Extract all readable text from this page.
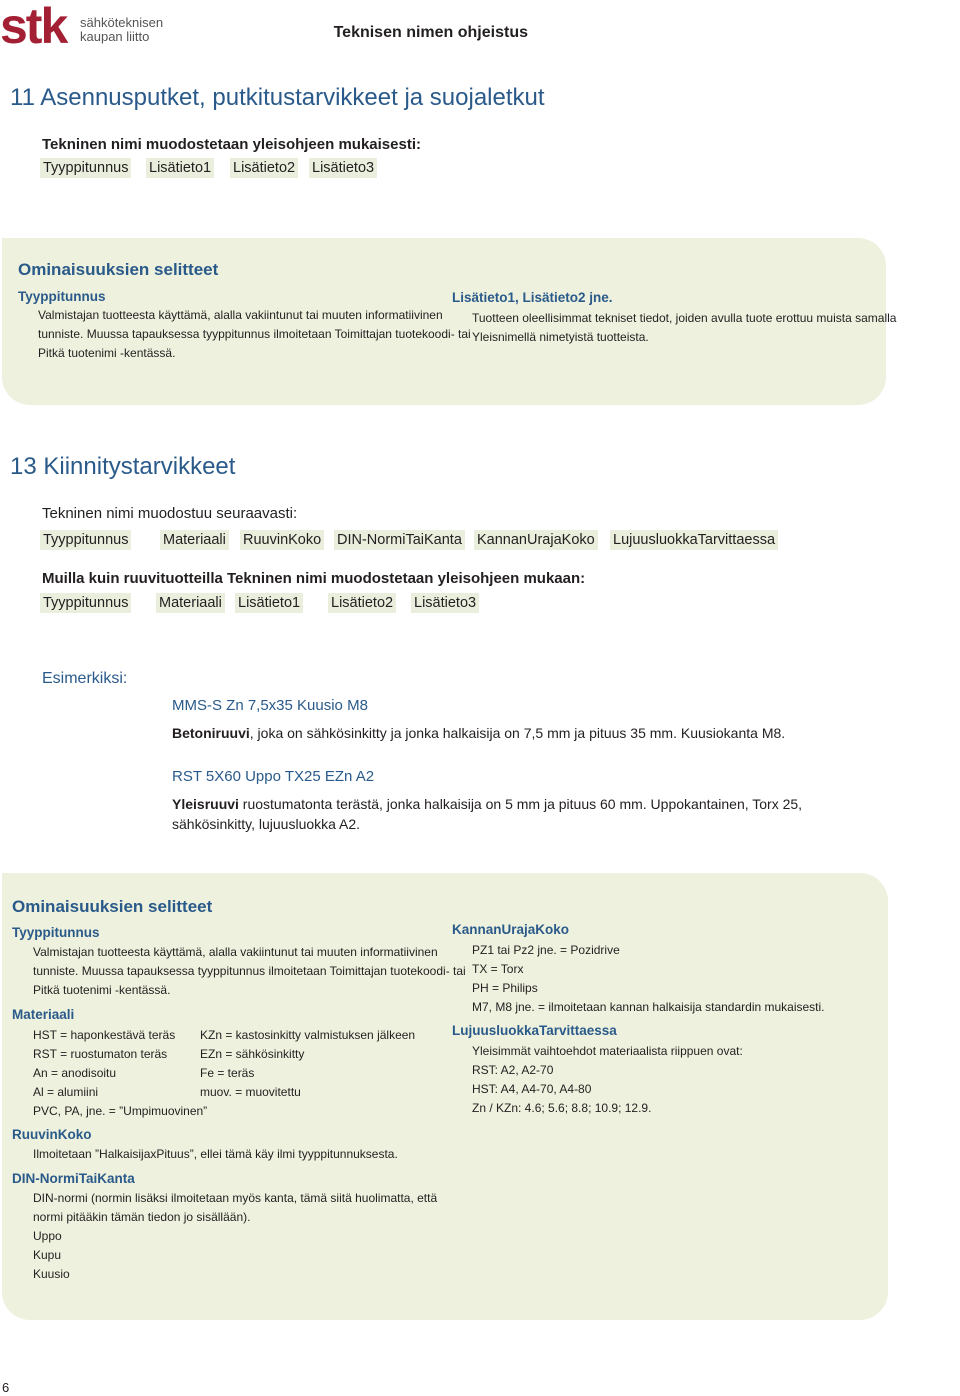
stk sähköteknisen
kaupan liitto	Teknisen nimen ohjeistus
11 Asennusputket, putkitustarvikkeet ja suojaletkut
Tekninen nimi muodostetaan yleisohjeen mukaisesti:
Tyyppitunnus Lisätieto1 Lisätieto2 Lisätieto3
Ominaisuuksien selitteet
Tyyppitunnus
Valmistajan tuotteesta käyttämä, alalla vakiintunut tai muuten informatiivinen
tunniste. Muussa tapauksessa tyyppitunnus ilmoitetaan Toimittajan tuotekoodi- tai
Pitkä tuotenimi -kentässä.
Lisätieto1, Lisätieto2 jne.
Tuotteen oleellisimmat tekniset tiedot, joiden avulla tuote erottuu muista samalla
Yleisnimellä nimetyistä tuotteista.
13 Kiinnitystarvikkeet
Tekninen nimi muodostuu seuraavasti:
Tyyppitunnus Materiaali RuuvinKoko DIN-NormiTaiKanta KannanUrajaKoko LujuusluokkaTarvittaessa
Muilla kuin ruuvituotteilla Tekninen nimi muodostetaan yleisohjeen mukaan:
Tyyppitunnus Materiaali Lisätieto1 Lisätieto2 Lisätieto3
Esimerkiksi:
MMS-S Zn 7,5x35 Kuusio M8
Betoniruuvi, joka on sähkösinkitty ja jonka halkaisija on 7,5 mm ja pituus 35 mm. Kuusiokanta M8.
RST 5X60 Uppo TX25 EZn A2
Yleisruuvi ruostumatonta terästä, jonka halkaisija on 5 mm ja pituus 60 mm. Uppokantainen, Torx 25,
sähkösinkitty, lujuusluokka A2.
Ominaisuuksien selitteet
Tyyppitunnus
Valmistajan tuotteesta käyttämä, alalla vakiintunut tai muuten informatiivinen
tunniste. Muussa tapauksessa tyyppitunnus ilmoitetaan Toimittajan tuotekoodi- tai
Pitkä tuotenimi -kentässä.
Materiaali
HST = haponkestävä teräs
RST = ruostumaton teräs
An = anodisoitu
Al = alumiini
PVC, PA, jne. = ”Umpimuovinen”
KZn = kastosinkitty valmistuksen jälkeen
EZn = sähkösinkitty
Fe = teräs
muov. = muovitettu
RuuvinKoko
Ilmoitetaan ”HalkaisijaxPituus”, ellei tämä käy ilmi tyyppitunnuksesta.
DIN-NormiTaiKanta
DIN-normi (normin lisäksi ilmoitetaan myös kanta, tämä siitä huolimatta, että
normi pitääkin tämän tiedon jo sisällään).
Uppo
Kupu
Kuusio
KannanUrajaKoko
PZ1 tai Pz2 jne. = Pozidrive
TX = Torx
PH = Philips
M7, M8 jne. = ilmoitetaan kannan halkaisija standardin mukaisesti.
LujuusluokkaTarvittaessa
Yleisimmät vaihtoehdot materiaalista riippuen ovat:
RST: A2, A2-70
HST: A4, A4-70, A4-80
Zn / KZn: 4.6; 5.6; 8.8; 10.9; 12.9.
6
